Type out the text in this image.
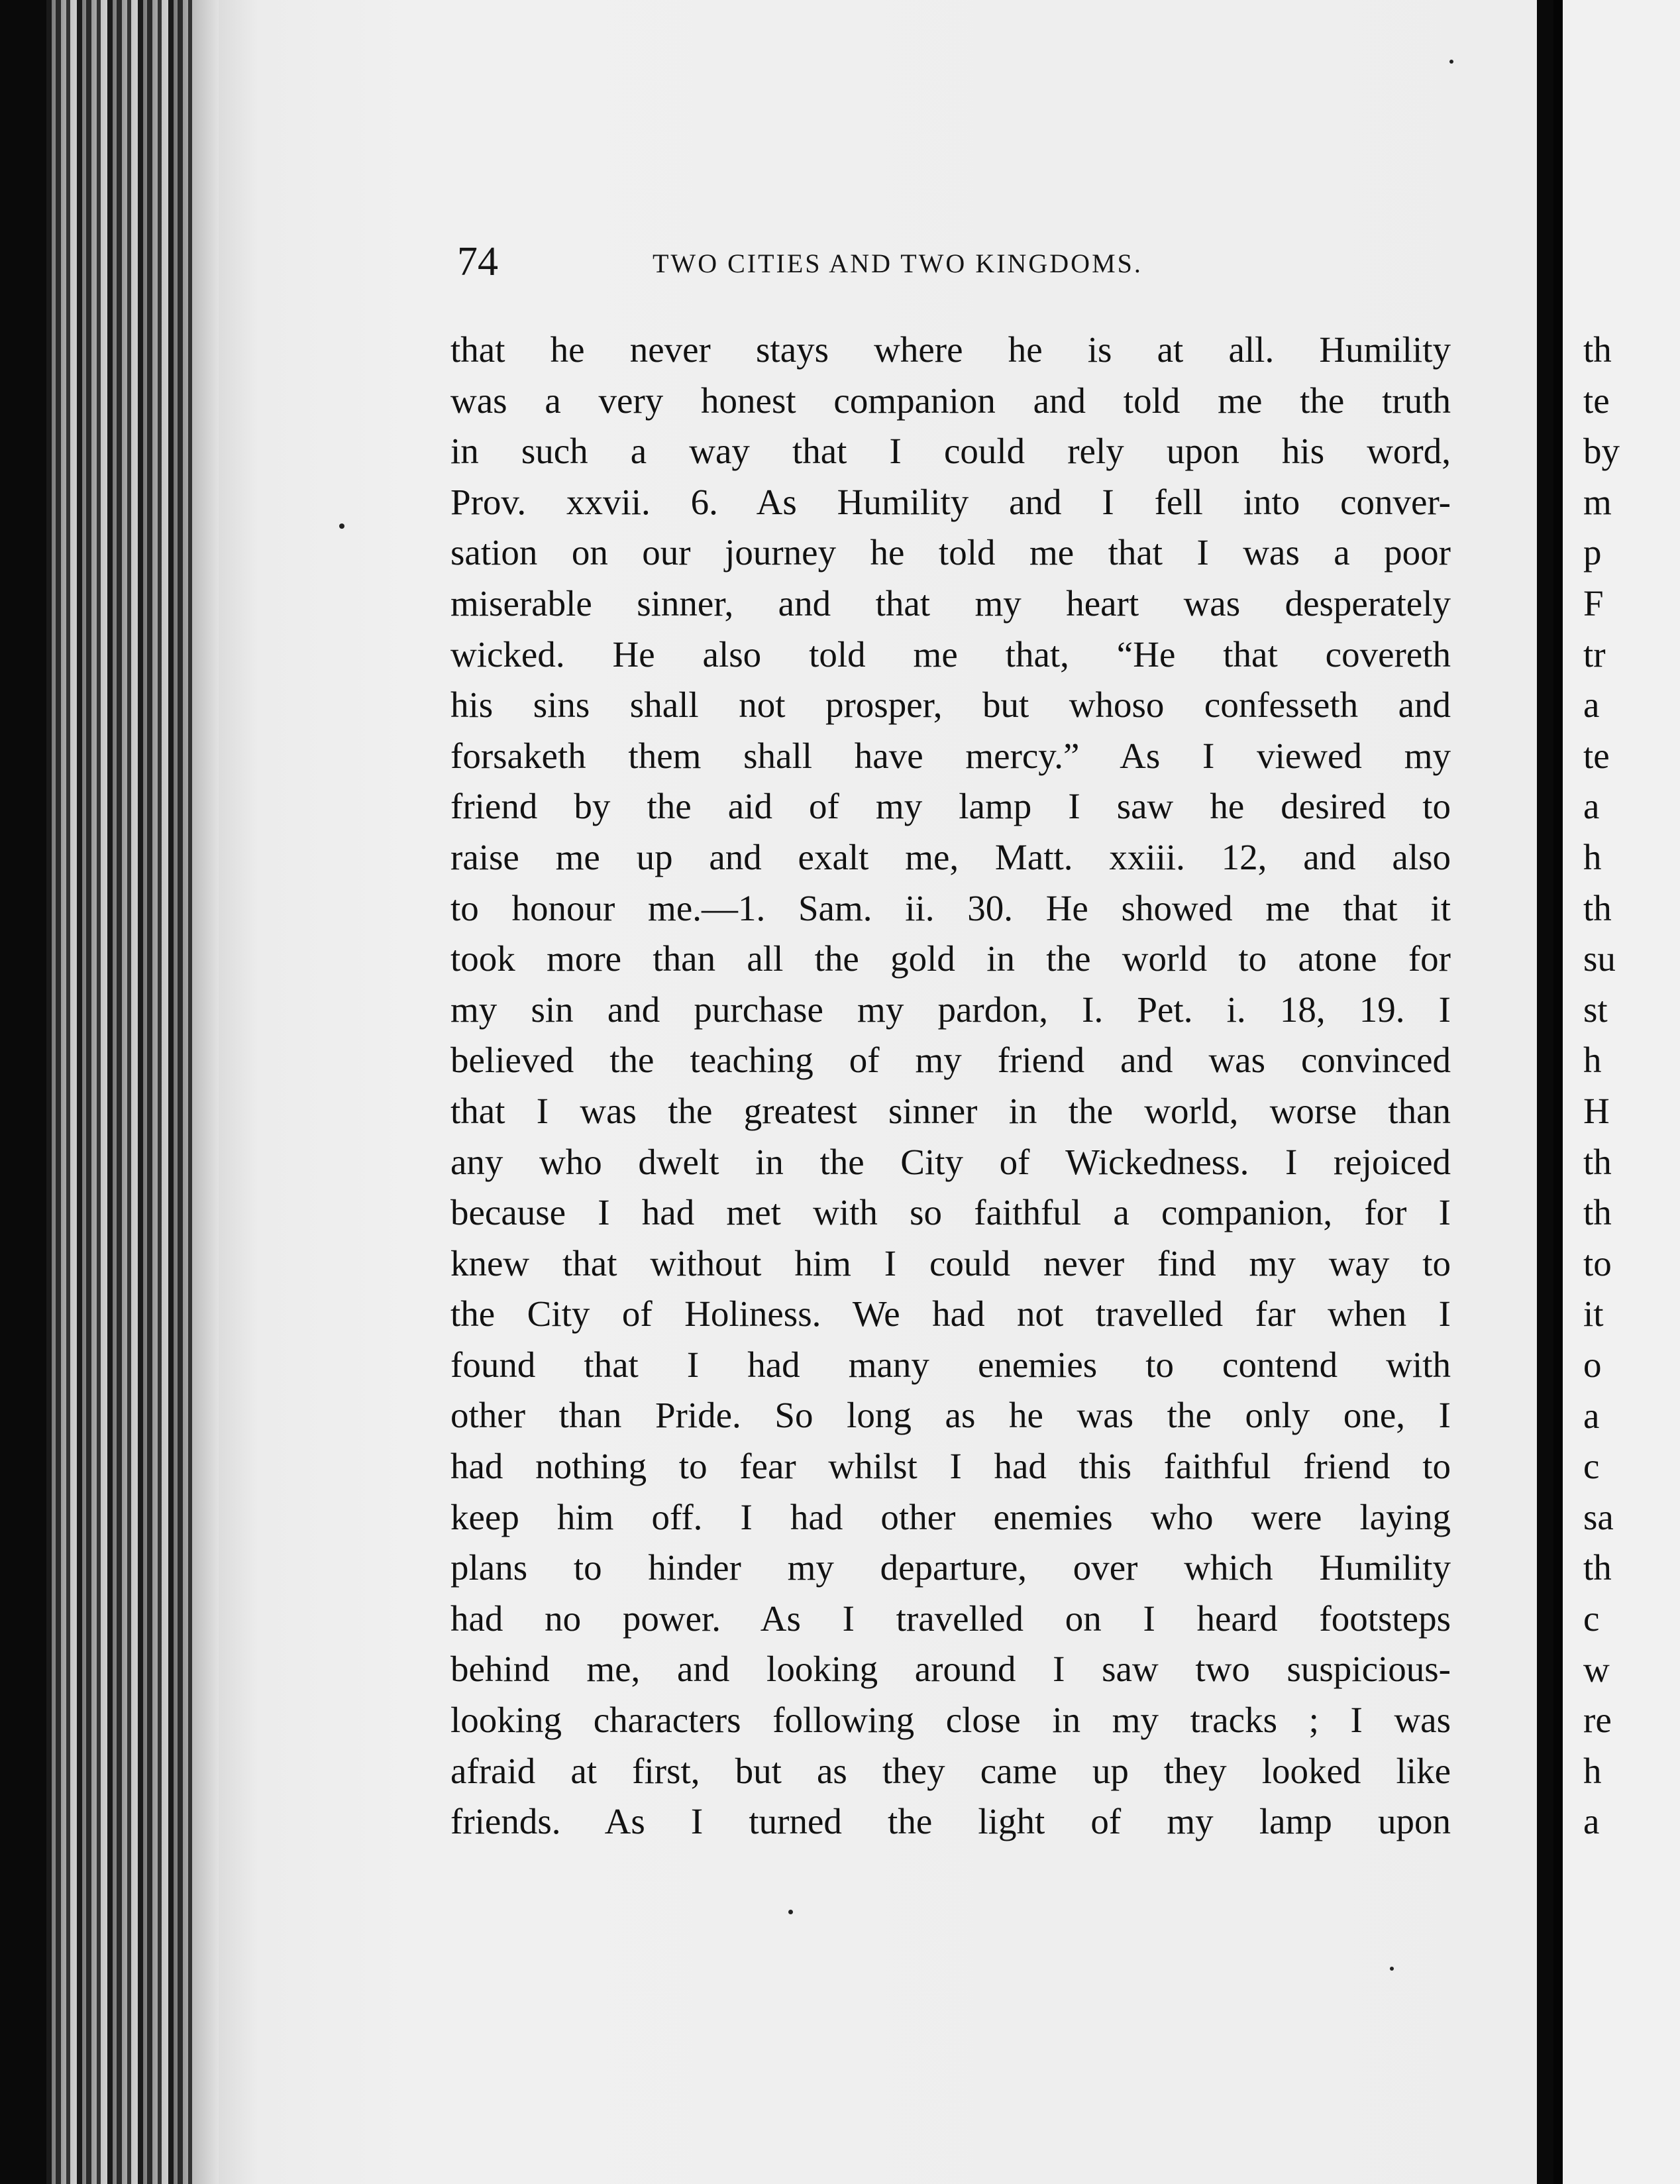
74	TWO CITIES AND TWO KINGDOMS.
that he never stays where he is at all. Humility
was a very honest companion and told me the truth
in such a way that I could rely upon his word,
Prov. xxvii. 6. As Humility and I fell into conver-
sation on our journey he told me that I was a poor
miserable sinner, and that my heart was desperately
wicked. He also told me that, “He that covereth
his sins shall not prosper, but whoso confesseth and
forsaketh them shall have mercy.” As I viewed my
friend by the aid of my lamp I saw he desired to
raise me up and exalt me, Matt. xxiii. 12, and also
to honour me.—1. Sam. ii. 30. He showed me that it
took more than all the gold in the world to atone for
my sin and purchase my pardon, I. Pet. i. 18, 19. I
believed the teaching of my friend and was convinced
that I was the greatest sinner in the world, worse than
any who dwelt in the City of Wickedness. I rejoiced
because I had met with so faithful a companion, for I
knew that without him I could never find my way to
the City of Holiness. We had not travelled far when I
found that I had many enemies to contend with
other than Pride. So long as he was the only one, I
had nothing to fear whilst I had this faithful friend to
keep him off. I had other enemies who were laying
plans to hinder my departure, over which Humility
had no power. As I travelled on I heard footsteps
behind me, and looking around I saw two suspicious-
looking characters following close in my tracks ; I was
afraid at first, but as they came up they looked like
friends. As I turned the light of my lamp upon
th
te
by
m
p
F
tr
a
te
a
h
th
su
st
h
H
th
th
to
it
o
a
c
sa
th
c
w
re
h
a
